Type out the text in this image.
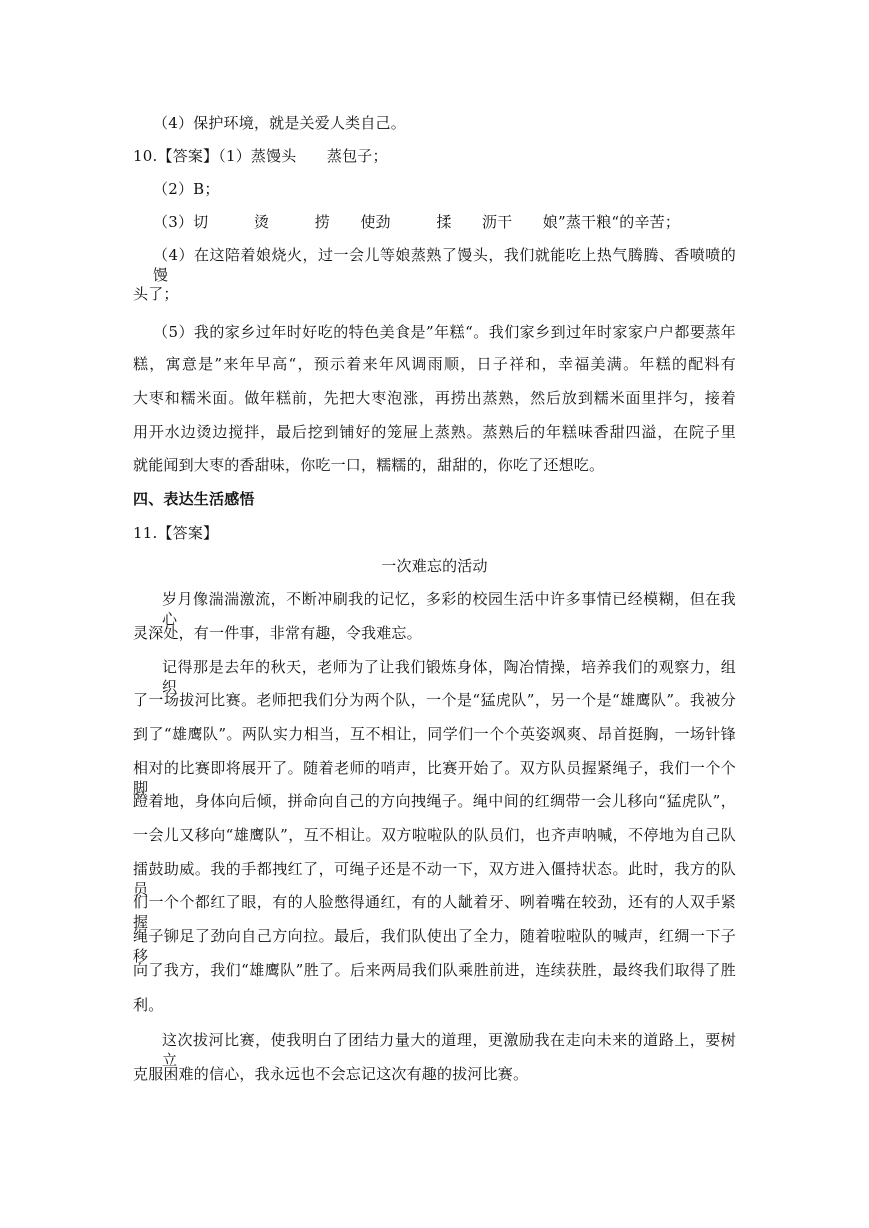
（4）保护环境，就是关爱人类自己。
10.【答案】（1）蒸馒头　　蒸包子；
（2）B；
（3）切　　　烫　　　捞　　使劲　　　揉　　沥干　　娘”蒸干粮“的辛苦；
（4）在这陪着娘烧火，过一会儿等娘蒸熟了馒头，我们就能吃上热气腾腾、香喷喷的馒
头了；
（5）我的家乡过年时好吃的特色美食是”年糕“。我们家乡到过年时家家户户都要蒸年
糕，寓意是”来年早高“，预示着来年风调雨顺，日子祥和，幸福美满。年糕的配料有
大枣和糯米面。做年糕前，先把大枣泡涨，再捞出蒸熟，然后放到糯米面里拌匀，接着
用开水边烫边搅拌，最后挖到铺好的笼屉上蒸熟。蒸熟后的年糕味香甜四溢，在院子里
就能闻到大枣的香甜味，你吃一口，糯糯的，甜甜的，你吃了还想吃。
四、表达生活感悟
11.【答案】
一次难忘的活动
岁月像湍湍激流，不断冲刷我的记忆，多彩的校园生活中许多事情已经模糊，但在我心
灵深处，有一件事，非常有趣，令我难忘。
记得那是去年的秋天，老师为了让我们锻炼身体，陶冶情操，培养我们的观察力，组织
了一场拔河比赛。老师把我们分为两个队，一个是“猛虎队”，另一个是“雄鹰队”。我被分
到了“雄鹰队”。两队实力相当，互不相让，同学们一个个英姿飒爽、昂首挺胸，一场针锋
相对的比赛即将展开了。随着老师的哨声，比赛开始了。双方队员握紧绳子，我们一个个脚
蹬着地，身体向后倾，拼命向自己的方向拽绳子。绳中间的红绸带一会儿移向“猛虎队”，
一会儿又移向“雄鹰队”，互不相让。双方啦啦队的队员们，也齐声呐喊，不停地为自己队
擂鼓助威。我的手都拽红了，可绳子还是不动一下，双方进入僵持状态。此时，我方的队员
们一个个都红了眼，有的人脸憋得通红，有的人龇着牙、咧着嘴在较劲，还有的人双手紧握
绳子铆足了劲向自己方向拉。最后，我们队使出了全力，随着啦啦队的喊声，红绸一下子移
向了我方，我们“雄鹰队”胜了。后来两局我们队乘胜前进，连续获胜，最终我们取得了胜
利。
这次拔河比赛，使我明白了团结力量大的道理，更激励我在走向未来的道路上，要树立
克服困难的信心，我永远也不会忘记这次有趣的拔河比赛。
